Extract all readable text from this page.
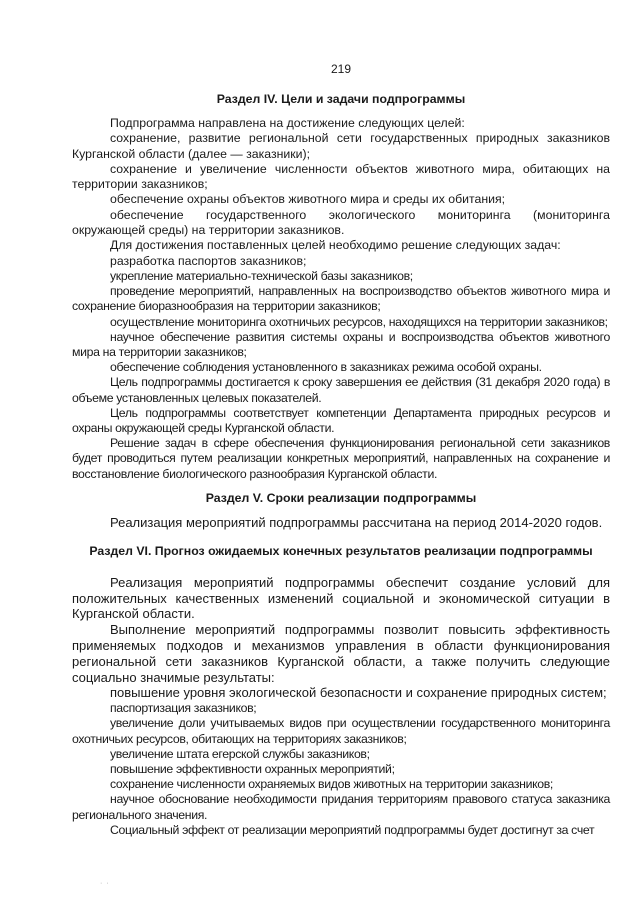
219
Раздел IV. Цели и задачи подпрограммы

Подпрограмма направлена на достижение следующих целей:

сохранение, развитие региональной сети государственных природных заказников Курганской области (далее — заказники);

сохранение и увеличение численности объектов животного мира, обитающих на территории заказников;

обеспечение охраны объектов животного мира и среды их обитания;

обеспечение государственного экологического мониторинга (мониторинга окружающей среды) на территории заказников.

Для достижения поставленных целей необходимо решение следующих задач:

разработка паспортов заказников;

укрепление материально-технической базы заказников;

проведение мероприятий, направленных на воспроизводство объектов животного мира и сохранение биоразнообразия на территории заказников;

осуществление мониторинга охотничьих ресурсов, находящихся на территории заказников;

научное обеспечение развития системы охраны и воспроизводства объектов животного мира на территории заказников;

обеспечение соблюдения установленного в заказниках режима особой охраны.

Цель подпрограммы достигается к сроку завершения ее действия (31 декабря 2020 года) в объеме установленных целевых показателей.

Цель подпрограммы соответствует компетенции Департамента природных ресурсов и охраны окружающей среды Курганской области.

Решение задач в сфере обеспечения функционирования региональной сети заказников будет проводиться путем реализации конкретных мероприятий, направленных на сохранение и восстановление биологического разнообразия Курганской области.

Раздел V. Сроки реализации подпрограммы

Реализация мероприятий подпрограммы рассчитана на период 2014-2020 годов.

Раздел VI. Прогноз ожидаемых конечных результатов реализации подпрограммы

Реализация мероприятий подпрограммы обеспечит создание условий для положительных качественных изменений социальной и экономической ситуации в Курганской области.

Выполнение мероприятий подпрограммы позволит повысить эффективность применяемых подходов и механизмов управления в области функционирования региональной сети заказников Курганской области, а также получить следующие социально значимые результаты:

повышение уровня экологической безопасности и сохранение природных систем;

паспортизация заказников;

увеличение доли учитываемых видов при осуществлении государственного мониторинга охотничьих ресурсов, обитающих на территориях заказников;

увеличение штата егерской службы заказников;

повышение эффективности охранных мероприятий;

сохранение численности охраняемых видов животных на территории заказников;

научное обоснование необходимости придания территориям правового статуса заказника регионального значения.

Социальный эффект от реализации мероприятий подпрограммы будет достигнут за счет

· ·
